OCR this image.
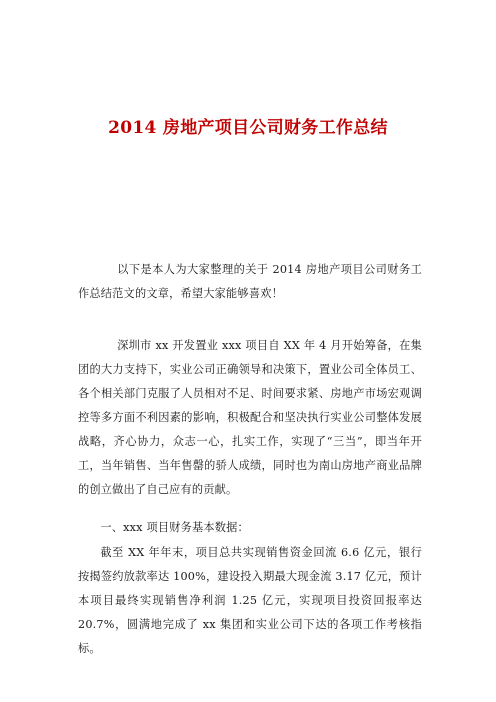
2014 房地产项目公司财务工作总结

以下是本人为大家整理的关于 2014 房地产项目公司财务工作总结范文的文章，希望大家能够喜欢！

深圳市 xx 开发置业 xxx 项目自 XX 年 4 月开始筹备，在集团的大力支持下，实业公司正确领导和决策下，置业公司全体员工、各个相关部门克服了人员相对不足、时间要求紧、房地产市场宏观调控等多方面不利因素的影响，积极配合和坚决执行实业公司整体发展战略，齐心协力，众志一心，扎实工作，实现了“三当”，即当年开工，当年销售、当年售罄的骄人成绩，同时也为南山房地产商业品牌的创立做出了自己应有的贡献。

一、xxx 项目财务基本数据：

截至 XX 年年末，项目总共实现销售资金回流 6.6 亿元，银行按揭签约放款率达 100%，建设投入期最大现金流 3.17 亿元，预计本项目最终实现销售净利润 1.25 亿元，实现项目投资回报率达 20.7%，圆满地完成了 xx 集团和实业公司下达的各项工作考核指标。
